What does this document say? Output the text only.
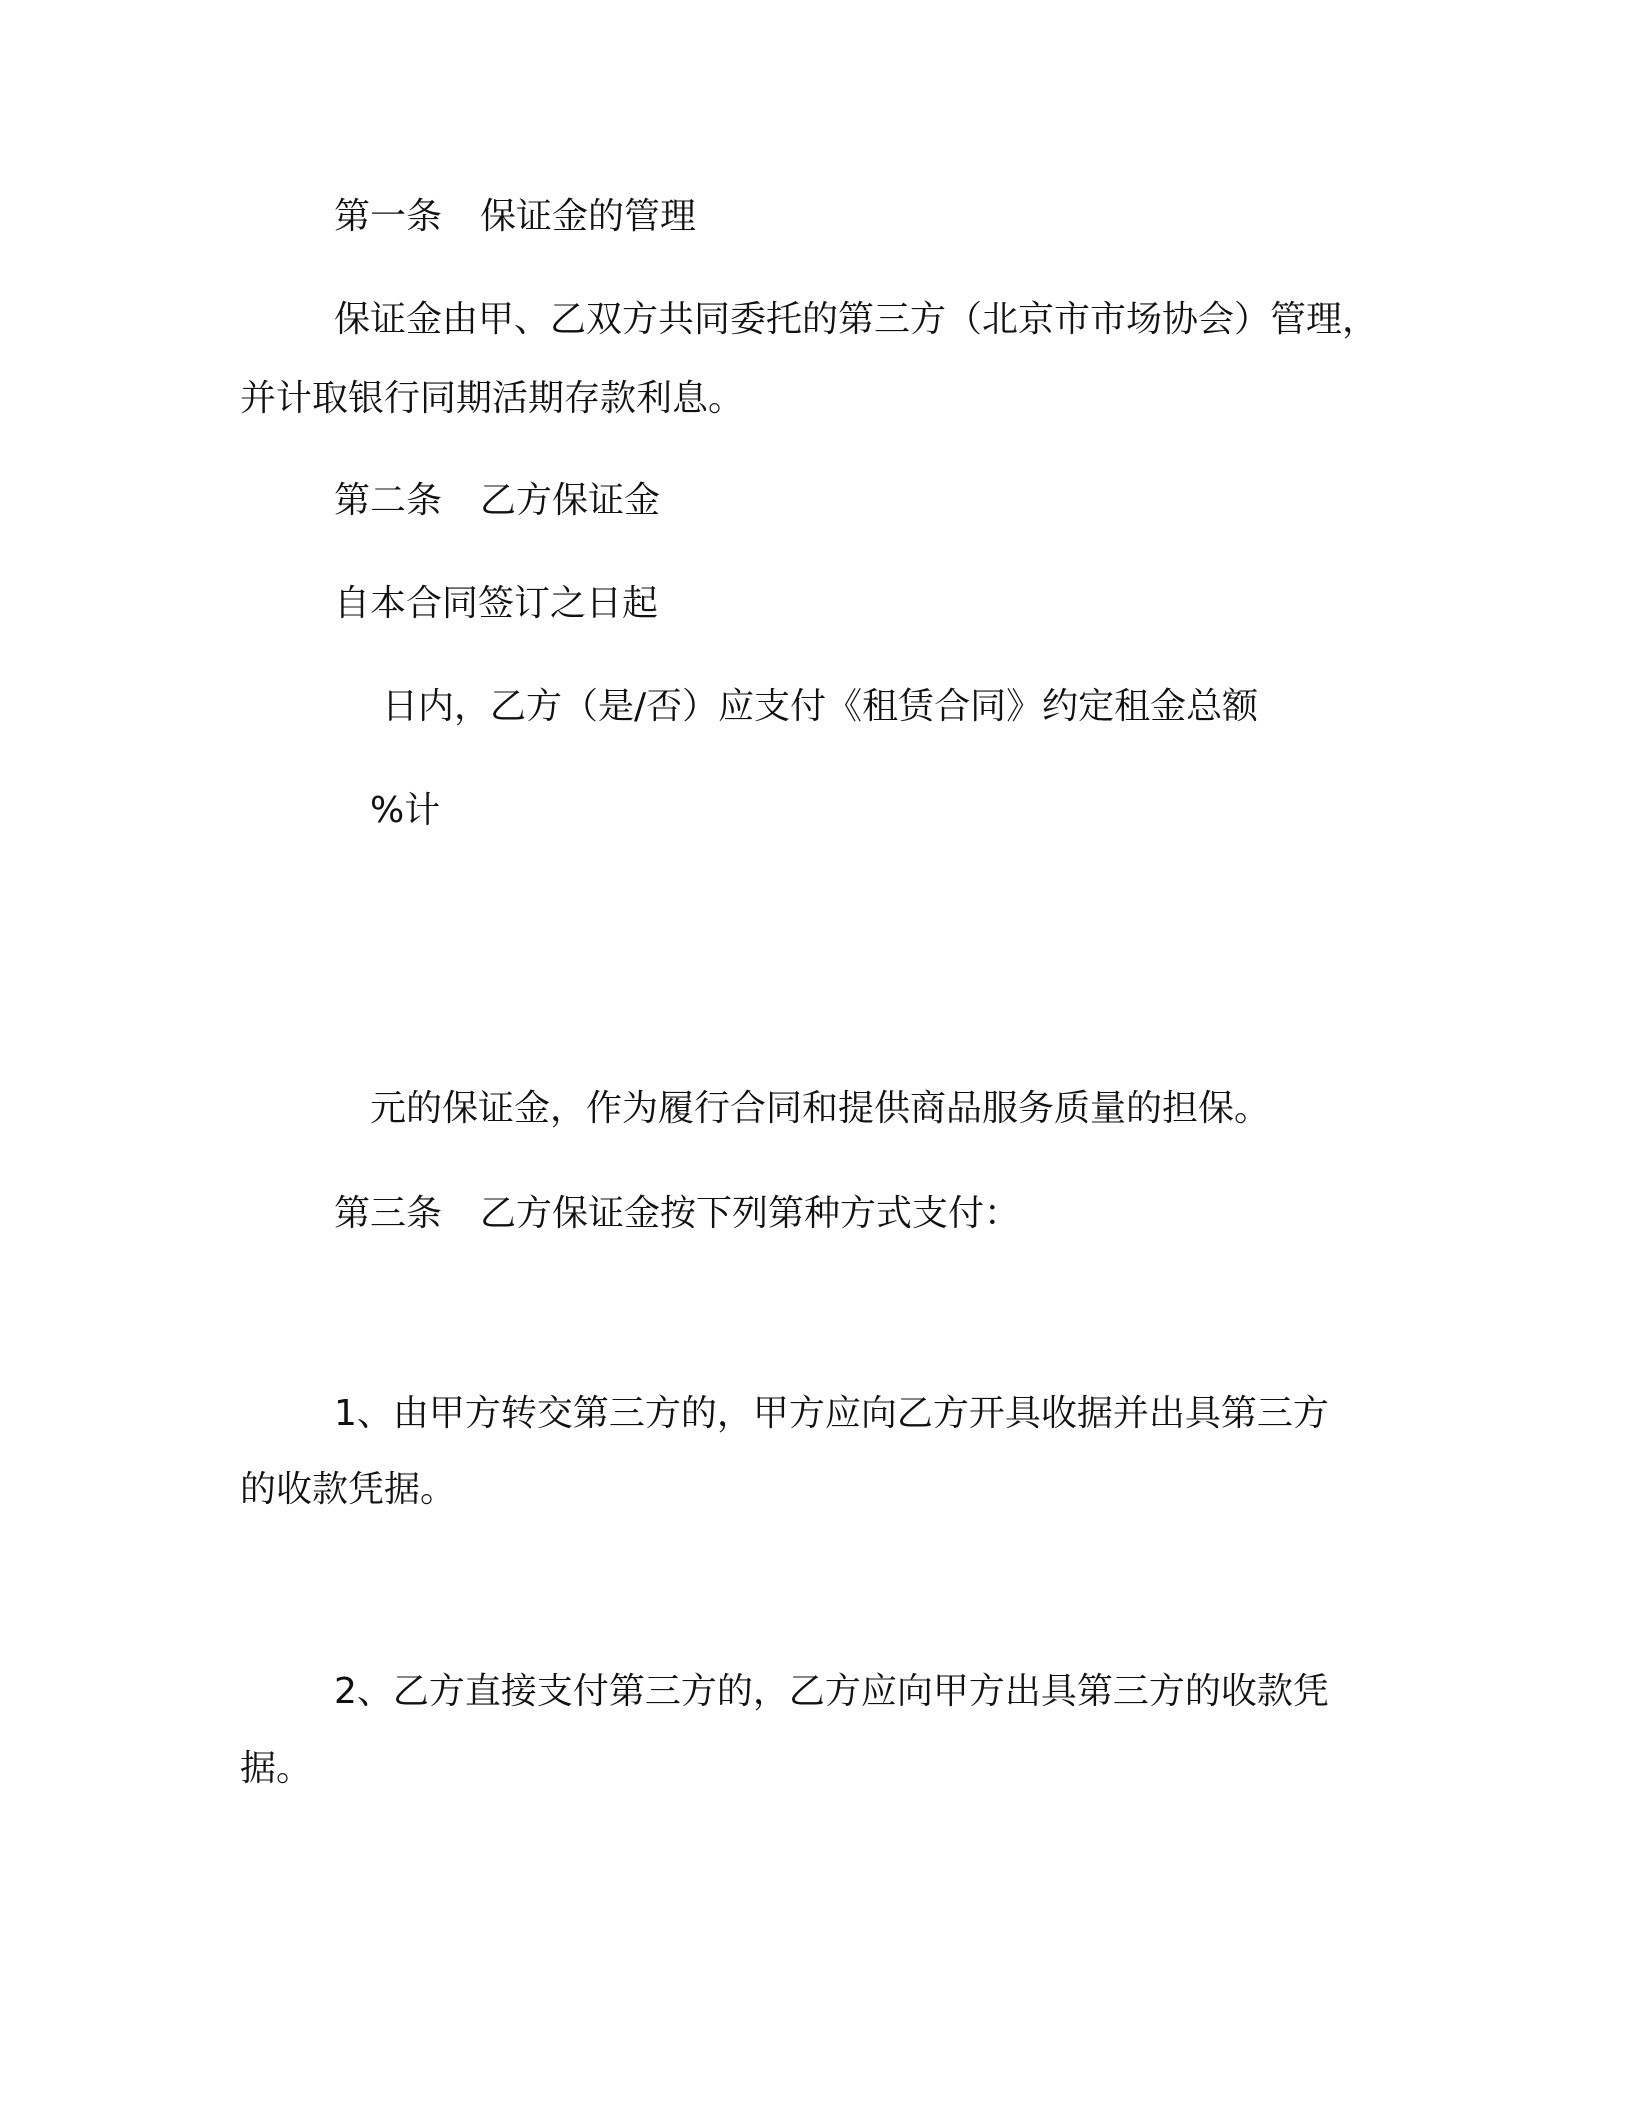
第一条 保证金的管理

保证金由甲、乙双方共同委托的第三方（北京市市场协会）管理，

并计取银行同期活期存款利息。

第二条 乙方保证金

自本合同签订之日起

日内，乙方（是/否）应支付《租赁合同》约定租金总额

%计

元的保证金，作为履行合同和提供商品服务质量的担保。

第三条 乙方保证金按下列第种方式支付：

1、由甲方转交第三方的，甲方应向乙方开具收据并出具第三方

的收款凭据。

2、乙方直接支付第三方的，乙方应向甲方出具第三方的收款凭

据。
